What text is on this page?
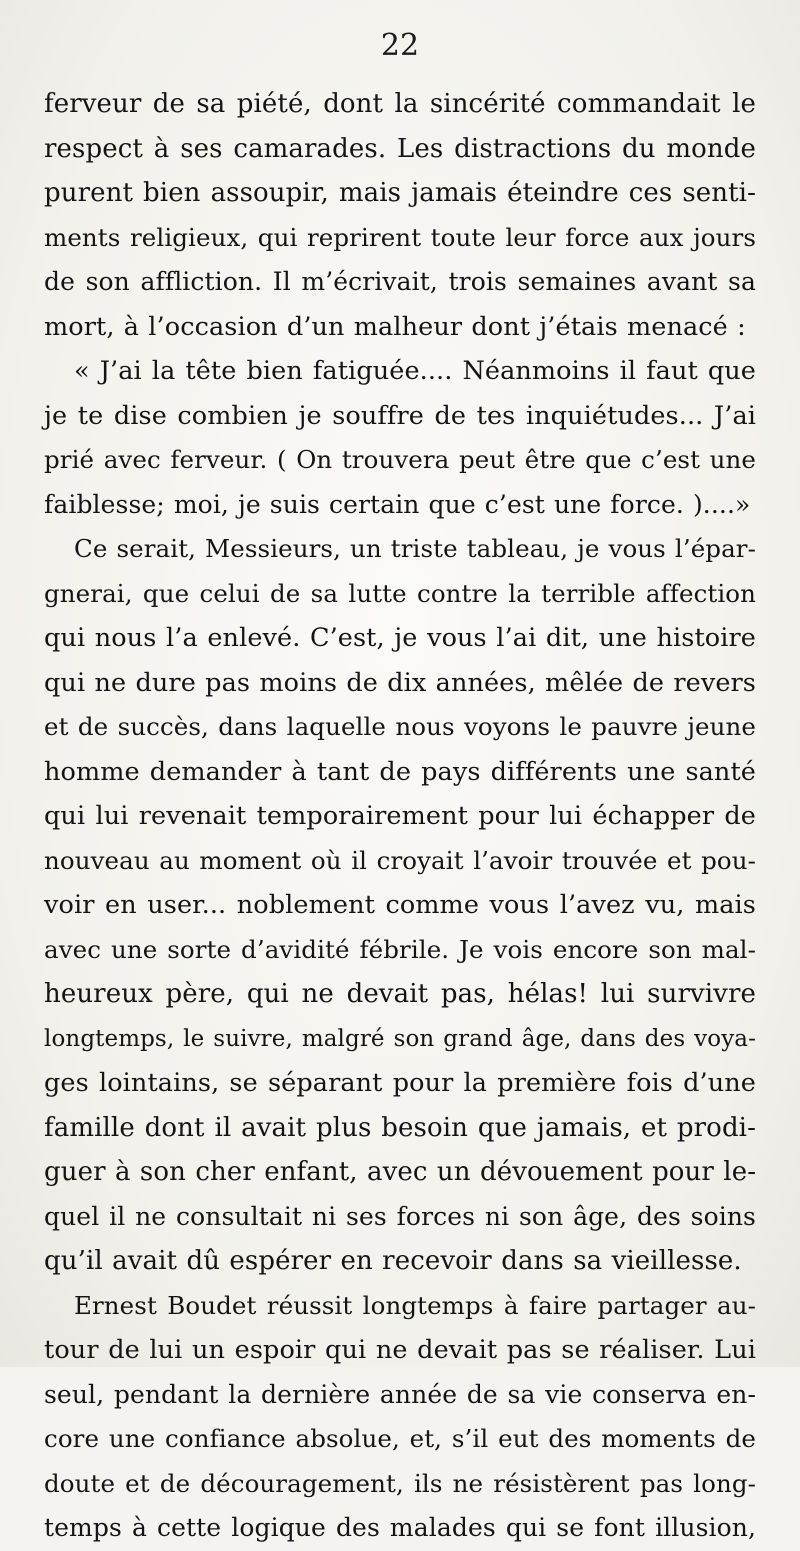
22
ferveur de sa piété, dont la sincérité commandait le
respect à ses camarades. Les distractions du monde
purent bien assoupir, mais jamais éteindre ces senti-
ments religieux, qui reprirent toute leur force aux jours
de son affliction. Il m’écrivait, trois semaines avant sa
mort, à l’occasion d’un malheur dont j’étais menacé :
« J’ai la tête bien fatiguée.... Néanmoins il faut que
je te dise combien je souffre de tes inquiétudes... J’ai
prié avec ferveur. ( On trouvera peut être que c’est une
faiblesse; moi, je suis certain que c’est une force. )....»
Ce serait, Messieurs, un triste tableau, je vous l’épar-
gnerai, que celui de sa lutte contre la terrible affection
qui nous l’a enlevé. C’est, je vous l’ai dit, une histoire
qui ne dure pas moins de dix années, mêlée de revers
et de succès, dans laquelle nous voyons le pauvre jeune
homme demander à tant de pays différents une santé
qui lui revenait temporairement pour lui échapper de
nouveau au moment où il croyait l’avoir trouvée et pou-
voir en user... noblement comme vous l’avez vu, mais
avec une sorte d’avidité fébrile. Je vois encore son mal-
heureux père, qui ne devait pas, hélas! lui survivre
longtemps, le suivre, malgré son grand âge, dans des voya-
ges lointains, se séparant pour la première fois d’une
famille dont il avait plus besoin que jamais, et prodi-
guer à son cher enfant, avec un dévouement pour le-
quel il ne consultait ni ses forces ni son âge, des soins
qu’il avait dû espérer en recevoir dans sa vieillesse.
Ernest Boudet réussit longtemps à faire partager au-
tour de lui un espoir qui ne devait pas se réaliser. Lui
seul, pendant la dernière année de sa vie conserva en-
core une confiance absolue, et, s’il eut des moments de
doute et de découragement, ils ne résistèrent pas long-
temps à cette logique des malades qui se font illusion,
